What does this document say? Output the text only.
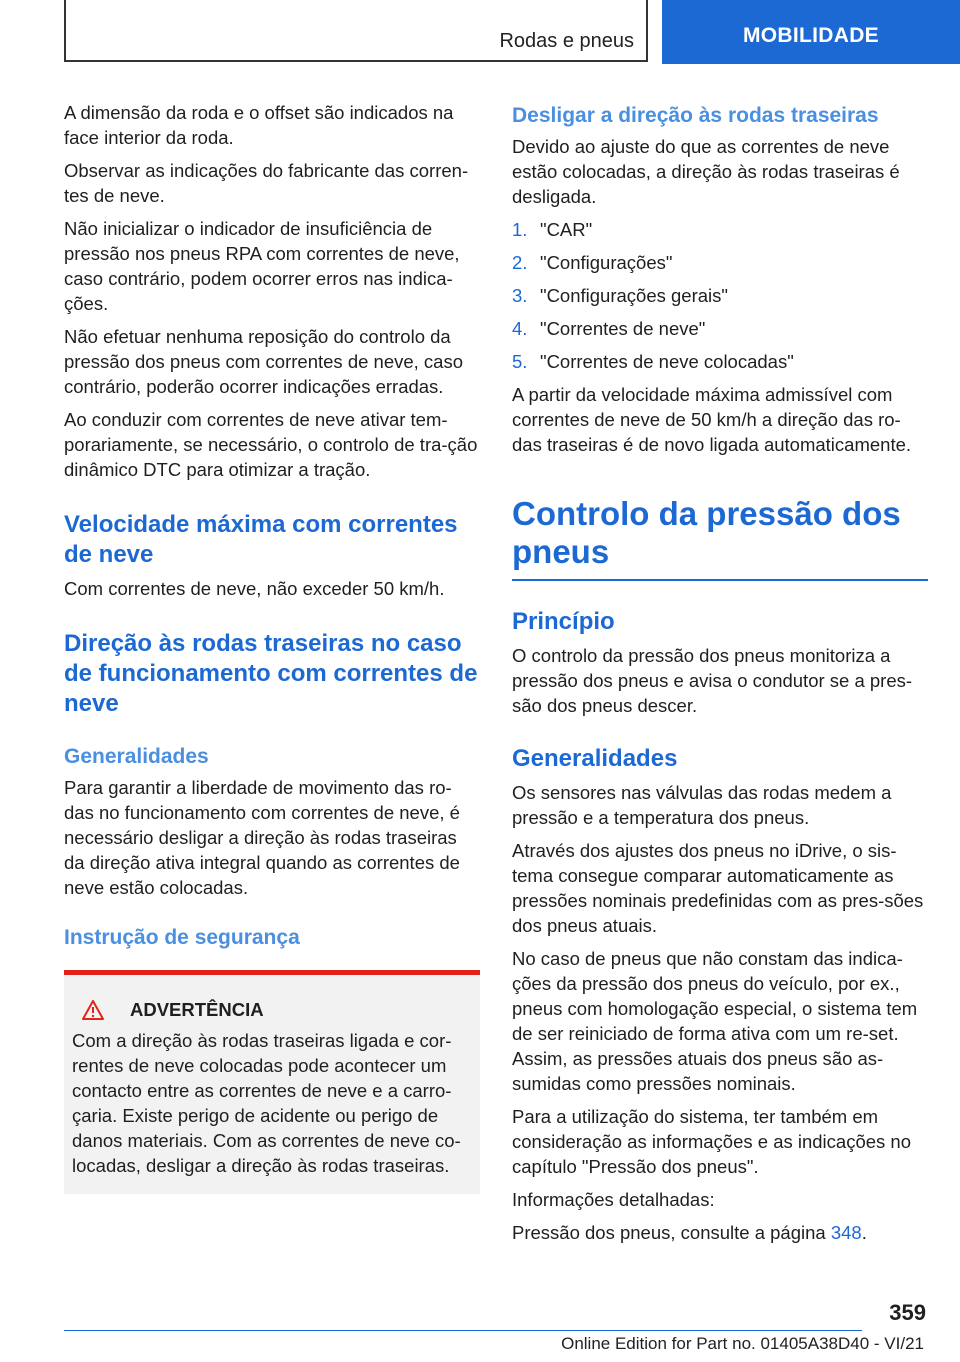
Rodas e pneus	MOBILIDADE

A dimensão da roda e o offset são indicados na face interior da roda.

Observar as indicações do fabricante das corren-tes de neve.

Não inicializar o indicador de insuficiência de pressão nos pneus RPA com correntes de neve, caso contrário, podem ocorrer erros nas indica-ções.

Não efetuar nenhuma reposição do controlo da pressão dos pneus com correntes de neve, caso contrário, poderão ocorrer indicações erradas.

Ao conduzir com correntes de neve ativar tem-porariamente, se necessário, o controlo de tra-ção dinâmico DTC para otimizar a tração.

Velocidade máxima com correntes de neve

Com correntes de neve, não exceder 50 km/h.

Direção às rodas traseiras no caso de funcionamento com correntes de neve
Generalidades

Para garantir a liberdade de movimento das ro-das no funcionamento com correntes de neve, é necessário desligar a direção às rodas traseiras da direção ativa integral quando as correntes de neve estão colocadas.

Instrução de segurança
ADVERTÊNCIA

Com a direção às rodas traseiras ligada e cor-rentes de neve colocadas pode acontecer um contacto entre as correntes de neve e a carro-çaria. Existe perigo de acidente ou perigo de danos materiais. Com as correntes de neve co-locadas, desligar a direção às rodas traseiras.

Desligar a direção às rodas traseiras

Devido ao ajuste do que as correntes de neve estão colocadas, a direção às rodas traseiras é desligada.

1. "CAR"
2. "Configurações"
3. "Configurações gerais"
4. "Correntes de neve"
5. "Correntes de neve colocadas"

A partir da velocidade máxima admissível com correntes de neve de 50 km/h a direção das ro-das traseiras é de novo ligada automaticamente.

Controlo da pressão dos pneus
Princípio

O controlo da pressão dos pneus monitoriza a pressão dos pneus e avisa o condutor se a pres-são dos pneus descer.

Generalidades

Os sensores nas válvulas das rodas medem a pressão e a temperatura dos pneus.

Através dos ajustes dos pneus no iDrive, o sis-tema consegue comparar automaticamente as pressões nominais predefinidas com as pres-sões dos pneus atuais.

No caso de pneus que não constam das indica-ções da pressão dos pneus do veículo, por ex., pneus com homologação especial, o sistema tem de ser reiniciado de forma ativa com um re-set. Assim, as pressões atuais dos pneus são as-sumidas como pressões nominais.

Para a utilização do sistema, ter também em consideração as informações e as indicações no capítulo "Pressão dos pneus".

Informações detalhadas:

Pressão dos pneus, consulte a página 348.

359
Online Edition for Part no. 01405A38D40 - VI/21
